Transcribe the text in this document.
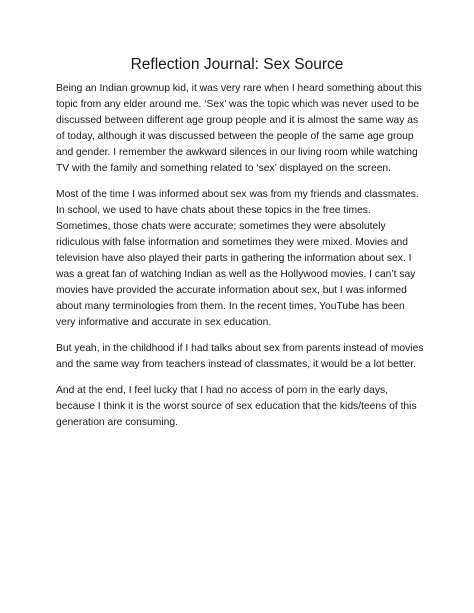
Reflection Journal: Sex Source

Being an Indian grownup kid, it was very rare when I heard something about this topic from any elder around me. ‘Sex’ was the topic which was never used to be discussed between different age group people and it is almost the same way as of today, although it was discussed between the people of the same age group and gender. I remember the awkward silences in our living room while watching TV with the family and something related to ‘sex’ displayed on the screen.

Most of the time I was informed about sex was from my friends and classmates. In school, we used to have chats about these topics in the free times. Sometimes, those chats were accurate; sometimes they were absolutely ridiculous with false information and sometimes they were mixed. Movies and television have also played their parts in gathering the information about sex. I was a great fan of watching Indian as well as the Hollywood movies. I can’t say movies have provided the accurate information about sex, but I was informed about many terminologies from them. In the recent times, YouTube has been very informative and accurate in sex education.

But yeah, in the childhood if I had talks about sex from parents instead of movies and the same way from teachers instead of classmates, it would be a lot better.

And at the end, I feel lucky that I had no access of porn in the early days, because I think it is the worst source of sex education that the kids/teens of this generation are consuming.
